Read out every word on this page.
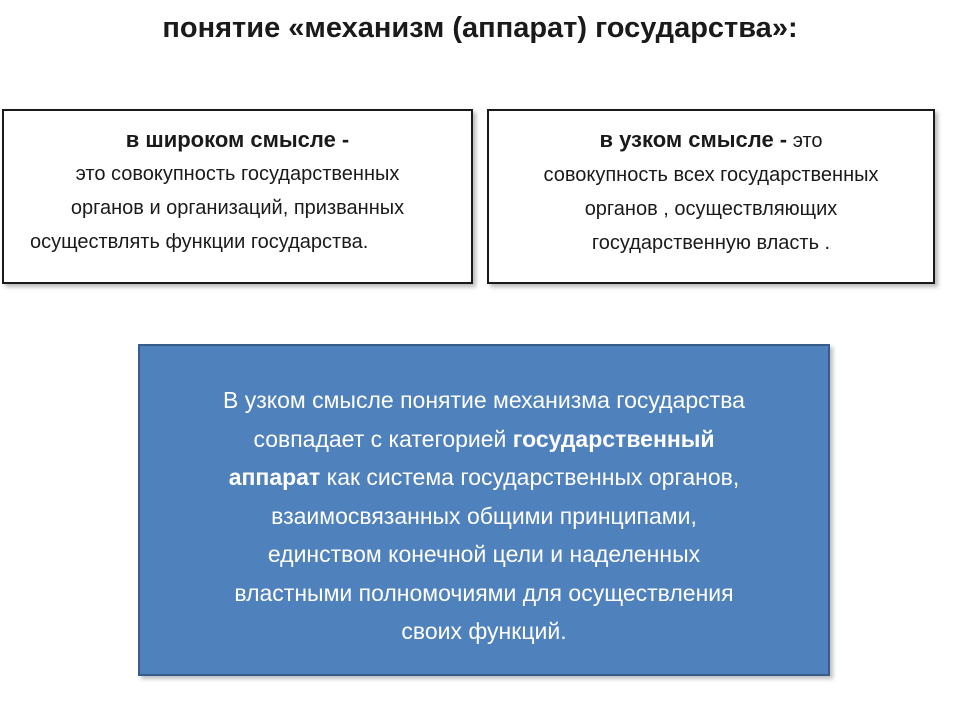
понятие «механизм (аппарат) государства»:
в широком смысле -
это совокупность государственных
органов и организаций, призванных
осуществлять функции государства.
в узком смысле - это
совокупность всех государственных
органов , осуществляющих
государственную власть .
В узком смысле понятие механизма государства
совпадает с категорией государственный
аппарат как система государственных органов,
взаимосвязанных общими принципами,
единством конечной цели и наделенных
властными полномочиями для осуществления
своих функций.
